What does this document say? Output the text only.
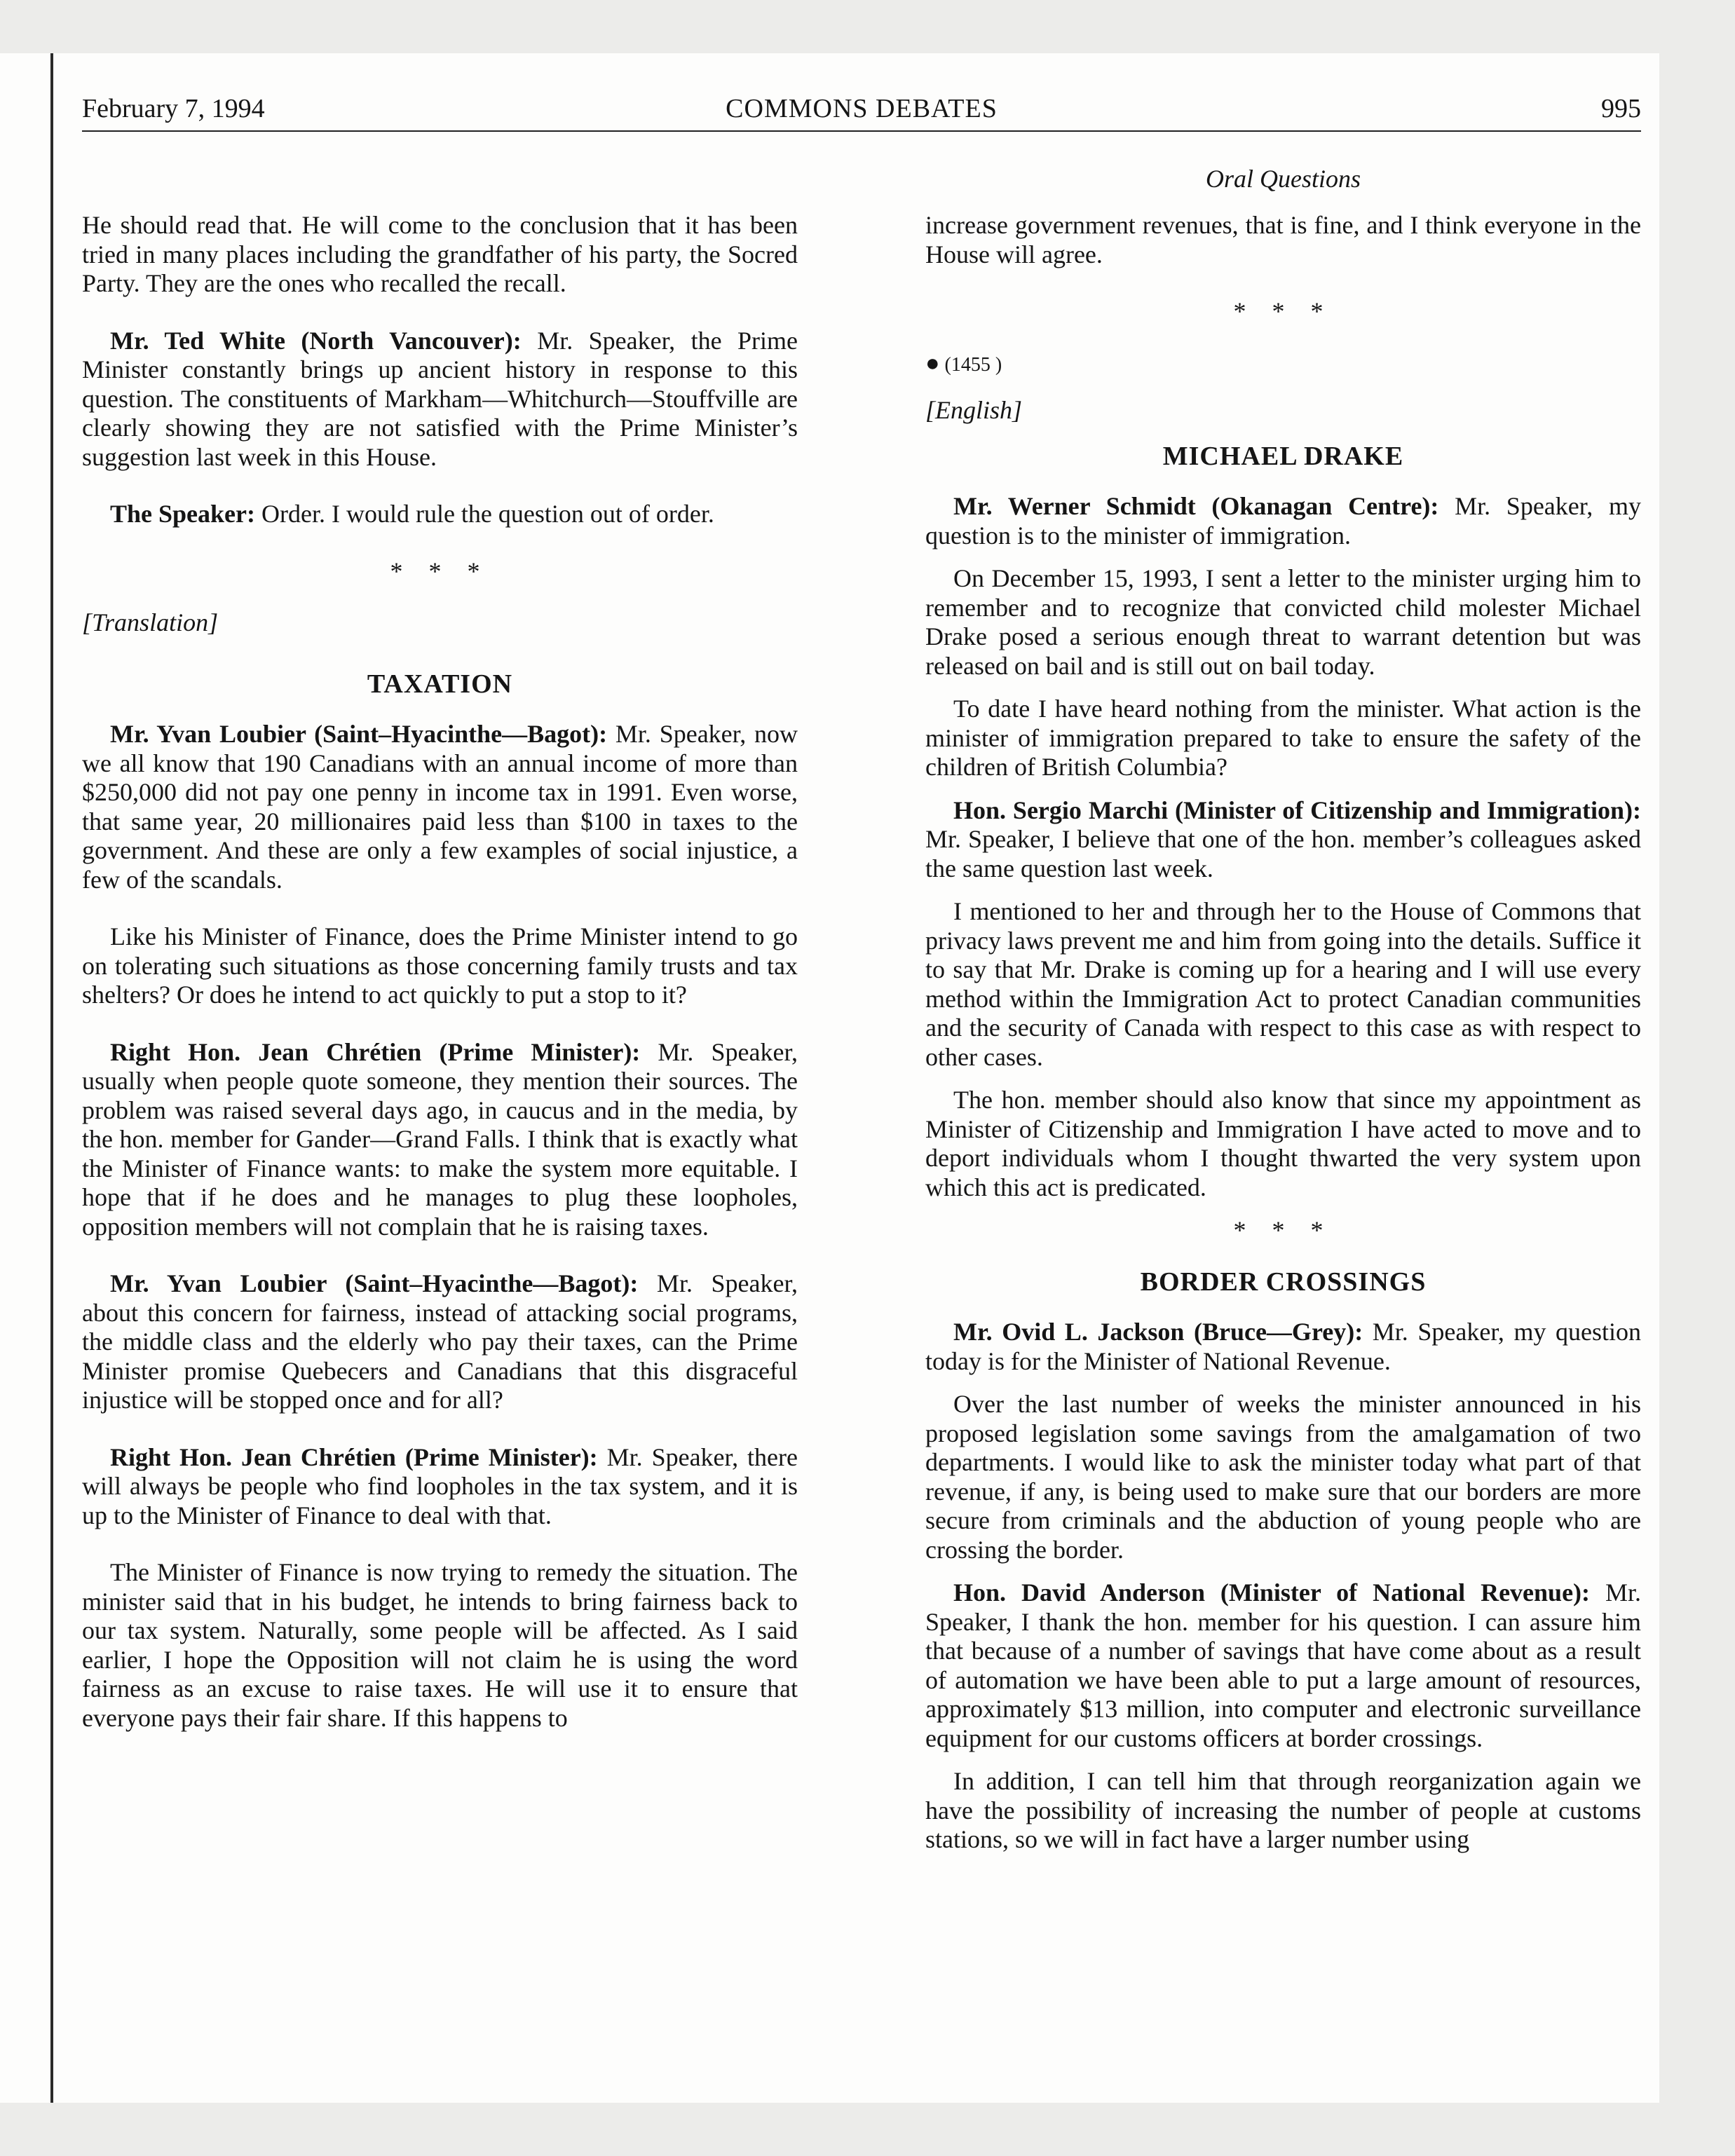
February 7, 1994	COMMONS DEBATES	995
Oral Questions

He should read that. He will come to the conclusion that it has been tried in many places including the grandfather of his party, the Socred Party. They are the ones who recalled the recall.

Mr. Ted White (North Vancouver): Mr. Speaker, the Prime Minister constantly brings up ancient history in response to this question. The constituents of Markham—Whitchurch—Stouffville are clearly showing they are not satisfied with the Prime Minister’s suggestion last week in this House.

The Speaker: Order. I would rule the question out of order.

* * *
[Translation]
TAXATION

Mr. Yvan Loubier (Saint–Hyacinthe—Bagot): Mr. Speaker, now we all know that 190 Canadians with an annual income of more than $250,000 did not pay one penny in income tax in 1991. Even worse, that same year, 20 millionaires paid less than $100 in taxes to the government. And these are only a few examples of social injustice, a few of the scandals.

Like his Minister of Finance, does the Prime Minister intend to go on tolerating such situations as those concerning family trusts and tax shelters? Or does he intend to act quickly to put a stop to it?

Right Hon. Jean Chrétien (Prime Minister): Mr. Speaker, usually when people quote someone, they mention their sources. The problem was raised several days ago, in caucus and in the media, by the hon. member for Gander—Grand Falls. I think that is exactly what the Minister of Finance wants: to make the system more equitable. I hope that if he does and he manages to plug these loopholes, opposition members will not complain that he is raising taxes.

Mr. Yvan Loubier (Saint–Hyacinthe—Bagot): Mr. Speaker, about this concern for fairness, instead of attacking social programs, the middle class and the elderly who pay their taxes, can the Prime Minister promise Quebecers and Canadians that this disgraceful injustice will be stopped once and for all?

Right Hon. Jean Chrétien (Prime Minister): Mr. Speaker, there will always be people who find loopholes in the tax system, and it is up to the Minister of Finance to deal with that.

The Minister of Finance is now trying to remedy the situation. The minister said that in his budget, he intends to bring fairness back to our tax system. Naturally, some people will be affected. As I said earlier, I hope the Opposition will not claim he is using the word fairness as an excuse to raise taxes. He will use it to ensure that everyone pays their fair share. If this happens to

increase government revenues, that is fine, and I think everyone in the House will agree.

* * *
● (1455 )
[English]
MICHAEL DRAKE

Mr. Werner Schmidt (Okanagan Centre): Mr. Speaker, my question is to the minister of immigration.

On December 15, 1993, I sent a letter to the minister urging him to remember and to recognize that convicted child molester Michael Drake posed a serious enough threat to warrant detention but was released on bail and is still out on bail today.

To date I have heard nothing from the minister. What action is the minister of immigration prepared to take to ensure the safety of the children of British Columbia?

Hon. Sergio Marchi (Minister of Citizenship and Immigration): Mr. Speaker, I believe that one of the hon. member’s colleagues asked the same question last week.

I mentioned to her and through her to the House of Commons that privacy laws prevent me and him from going into the details. Suffice it to say that Mr. Drake is coming up for a hearing and I will use every method within the Immigration Act to protect Canadian communities and the security of Canada with respect to this case as with respect to other cases.

The hon. member should also know that since my appointment as Minister of Citizenship and Immigration I have acted to move and to deport individuals whom I thought thwarted the very system upon which this act is predicated.

* * *
BORDER CROSSINGS

Mr. Ovid L. Jackson (Bruce—Grey): Mr. Speaker, my question today is for the Minister of National Revenue.

Over the last number of weeks the minister announced in his proposed legislation some savings from the amalgamation of two departments. I would like to ask the minister today what part of that revenue, if any, is being used to make sure that our borders are more secure from criminals and the abduction of young people who are crossing the border.

Hon. David Anderson (Minister of National Revenue): Mr. Speaker, I thank the hon. member for his question. I can assure him that because of a number of savings that have come about as a result of automation we have been able to put a large amount of resources, approximately $13 million, into computer and electronic surveillance equipment for our customs officers at border crossings.

In addition, I can tell him that through reorganization again we have the possibility of increasing the number of people at customs stations, so we will in fact have a larger number using
